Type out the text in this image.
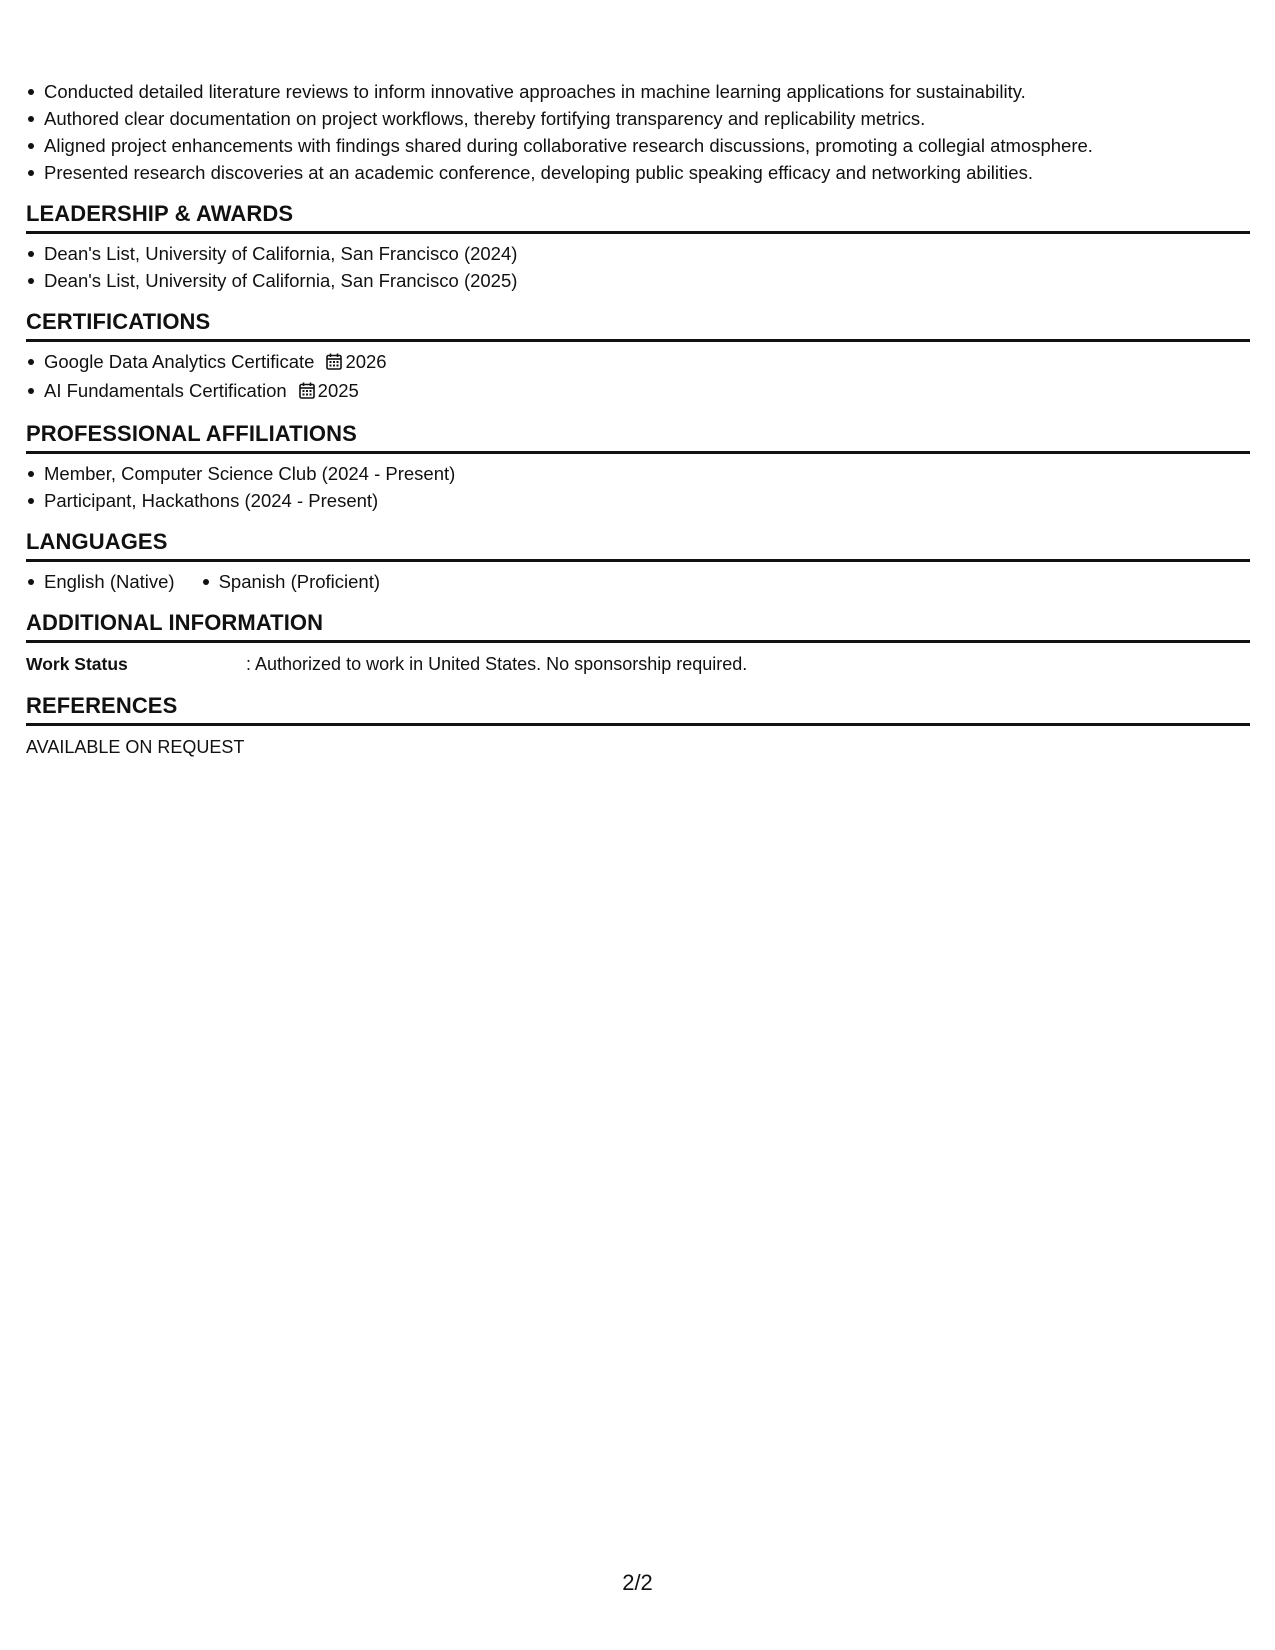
Conducted detailed literature reviews to inform innovative approaches in machine learning applications for sustainability.
Authored clear documentation on project workflows, thereby fortifying transparency and replicability metrics.
Aligned project enhancements with findings shared during collaborative research discussions, promoting a collegial atmosphere.
Presented research discoveries at an academic conference, developing public speaking efficacy and networking abilities.
LEADERSHIP & AWARDS
Dean's List, University of California, San Francisco (2024)
Dean's List, University of California, San Francisco (2025)
CERTIFICATIONS
Google Data Analytics Certificate 2026
AI Fundamentals Certification 2025
PROFESSIONAL AFFILIATIONS
Member, Computer Science Club (2024 - Present)
Participant, Hackathons (2024 - Present)
LANGUAGES
English (Native) Spanish (Proficient)
ADDITIONAL INFORMATION
Work Status	: Authorized to work in United States. No sponsorship required.
REFERENCES
AVAILABLE ON REQUEST
2/2
